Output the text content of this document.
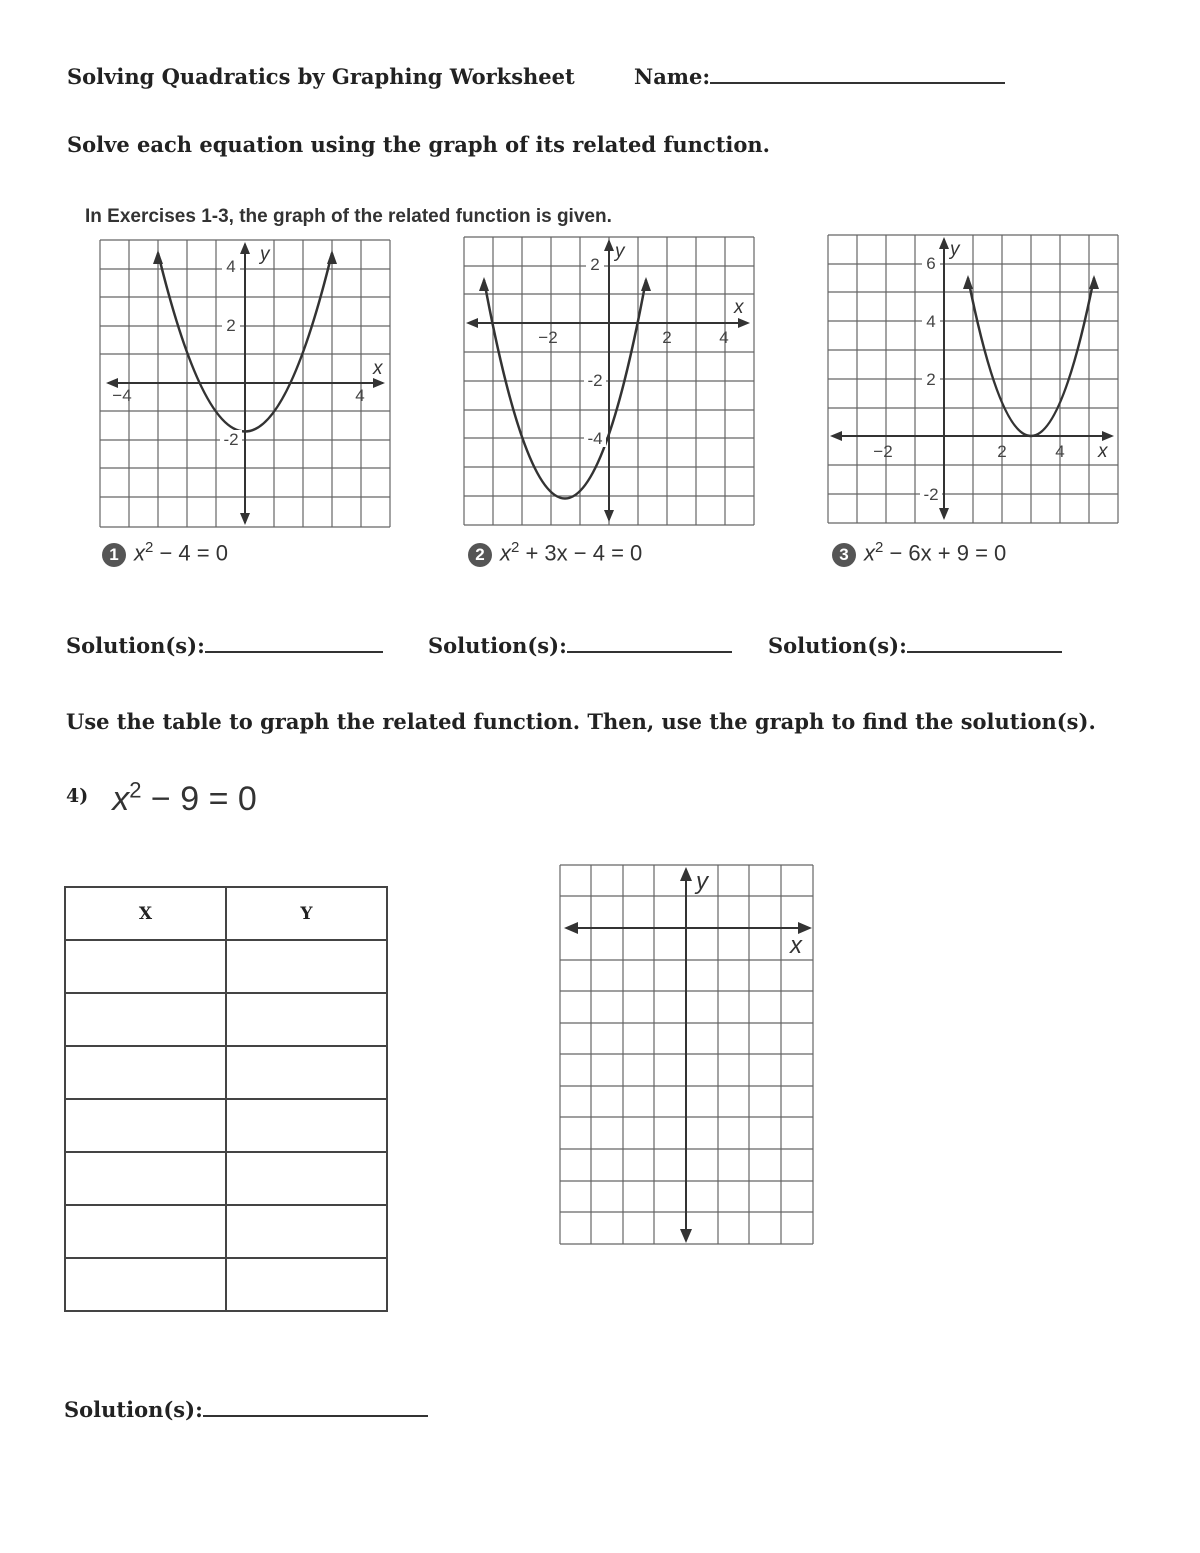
Solving Quadratics by Graphing Worksheet	Name:
Solve each equation using the graph of its related function.
In Exercises 1-3, the graph of the related function is given.
4
2
-2
−4	4
y
x
2
−2	2	4
-2
-4
y
x
6
4
2
−2	2	4
-2
y
x
1 $x^2 - 4 = 0$	2 $x^2 + 3x - 4 = 0$	3 $x^2 - 6x + 9 = 0$
Solution(s):	Solution(s):	Solution(s):
Use the table to graph the related function. Then, use the graph to find the solution(s).
4) $x^2 - 9 = 0$
X	Y

y
x
Solution(s):
